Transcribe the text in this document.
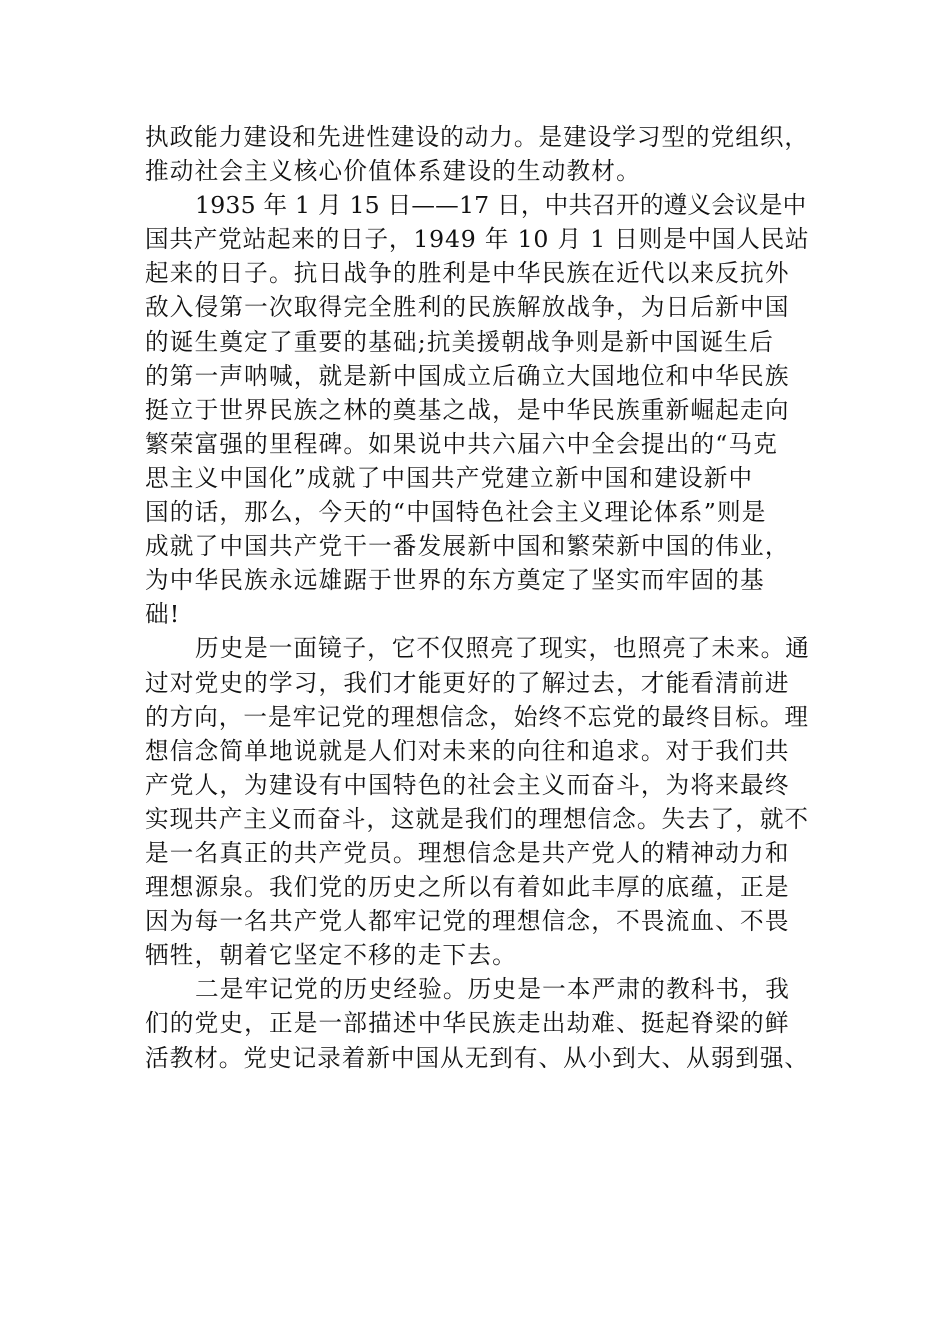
执政能力建设和先进性建设的动力。是建设学习型的党组织，
推动社会主义核心价值体系建设的生动教材。
1935 年 1 月 15 日——17 日，中共召开的遵义会议是中
国共产党站起来的日子，1949 年 10 月 1 日则是中国人民站
起来的日子。抗日战争的胜利是中华民族在近代以来反抗外
敌入侵第一次取得完全胜利的民族解放战争，为日后新中国
的诞生奠定了重要的基础;抗美援朝战争则是新中国诞生后
的第一声呐喊，就是新中国成立后确立大国地位和中华民族
挺立于世界民族之林的奠基之战，是中华民族重新崛起走向
繁荣富强的里程碑。如果说中共六届六中全会提出的“马克
思主义中国化”成就了中国共产党建立新中国和建设新中
国的话，那么，今天的“中国特色社会主义理论体系”则是
成就了中国共产党干一番发展新中国和繁荣新中国的伟业，
为中华民族永远雄踞于世界的东方奠定了坚实而牢固的基
础!
历史是一面镜子，它不仅照亮了现实，也照亮了未来。通
过对党史的学习，我们才能更好的了解过去，才能看清前进
的方向，一是牢记党的理想信念，始终不忘党的最终目标。理
想信念简单地说就是人们对未来的向往和追求。对于我们共
产党人，为建设有中国特色的社会主义而奋斗，为将来最终
实现共产主义而奋斗，这就是我们的理想信念。失去了，就不
是一名真正的共产党员。理想信念是共产党人的精神动力和
理想源泉。我们党的历史之所以有着如此丰厚的底蕴，正是
因为每一名共产党人都牢记党的理想信念，不畏流血、不畏
牺牲，朝着它坚定不移的走下去。
二是牢记党的历史经验。历史是一本严肃的教科书，我
们的党史，正是一部描述中华民族走出劫难、挺起脊梁的鲜
活教材。党史记录着新中国从无到有、从小到大、从弱到强、
